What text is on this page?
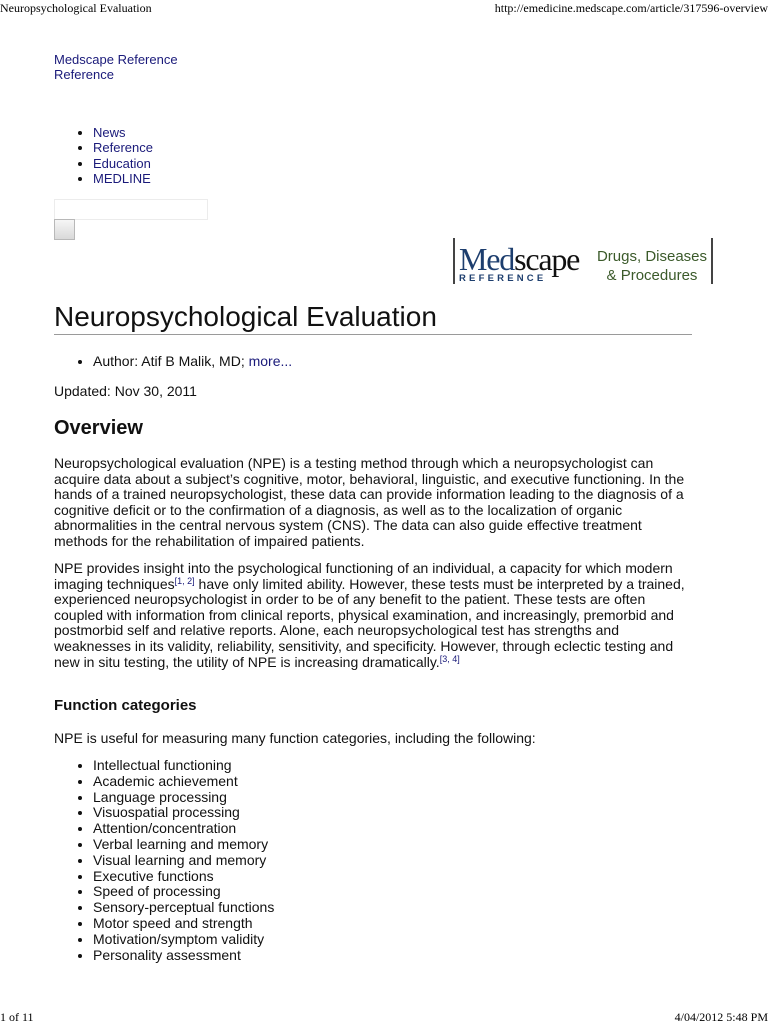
Neuropsychological Evaluation	http://emedicine.medscape.com/article/317596-overview
Medscape Reference
Reference
• News
• Reference
• Education
• MEDLINE
Medscape
REFERENCE
Drugs, Diseases
& Procedures
Neuropsychological Evaluation
• Author: Atif B Malik, MD; more...
Updated: Nov 30, 2011
Overview

Neuropsychological evaluation (NPE) is a testing method through which a neuropsychologist can acquire data about a subject’s cognitive, motor, behavioral, linguistic, and executive functioning. In the hands of a trained neuropsychologist, these data can provide information leading to the diagnosis of a cognitive deficit or to the confirmation of a diagnosis, as well as to the localization of organic abnormalities in the central nervous system (CNS). The data can also guide effective treatment methods for the rehabilitation of impaired patients.

NPE provides insight into the psychological functioning of an individual, a capacity for which modern imaging techniques[1, 2] have only limited ability. However, these tests must be interpreted by a trained, experienced neuropsychologist in order to be of any benefit to the patient. These tests are often coupled with information from clinical reports, physical examination, and increasingly, premorbid and postmorbid self and relative reports. Alone, each neuropsychological test has strengths and weaknesses in its validity, reliability, sensitivity, and specificity. However, through eclectic testing and new in situ testing, the utility of NPE is increasing dramatically.[3, 4]

Function categories
NPE is useful for measuring many function categories, including the following:
• Intellectual functioning
• Academic achievement
• Language processing
• Visuospatial processing
• Attention/concentration
• Verbal learning and memory
• Visual learning and memory
• Executive functions
• Speed of processing
• Sensory-perceptual functions
• Motor speed and strength
• Motivation/symptom validity
• Personality assessment
1 of 11	4/04/2012 5:48 PM
